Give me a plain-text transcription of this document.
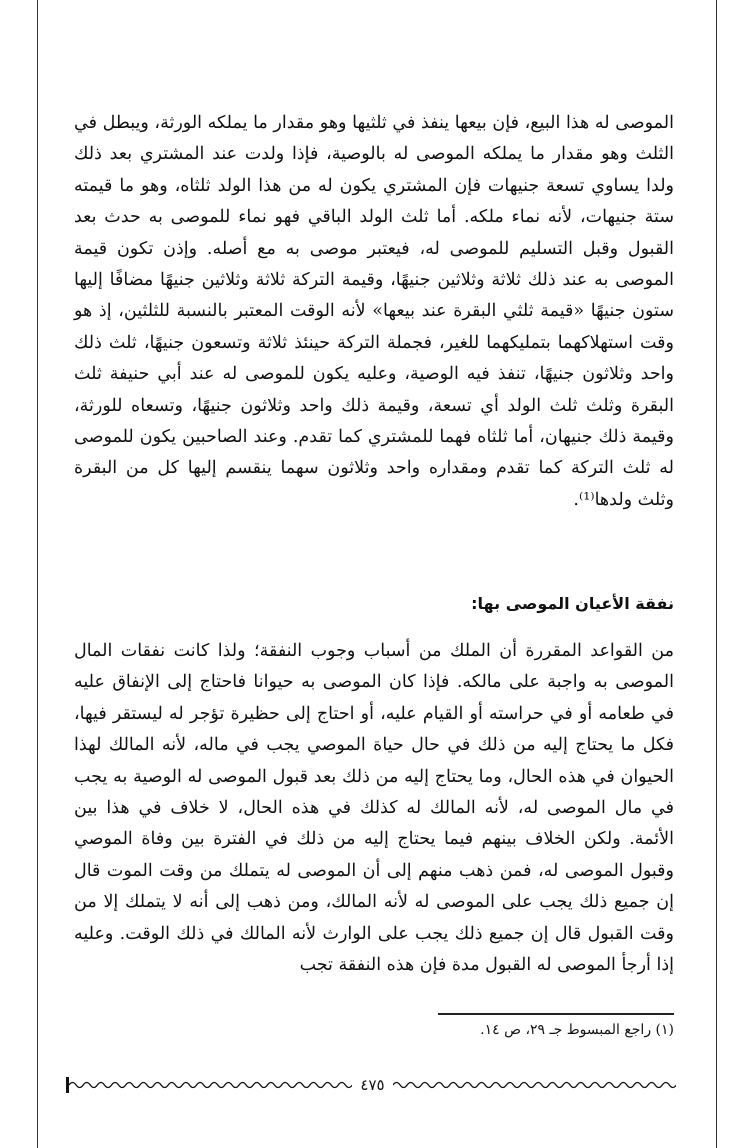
الموصى له هذا البيع، فإن بيعها ينفذ في ثلثيها وهو مقدار ما يملكه الورثة، ويبطل في الثلث وهو مقدار ما يملكه الموصى له بالوصية، فإذا ولدت عند المشتري بعد ذلك ولدا يساوي تسعة جنيهات فإن المشتري يكون له من هذا الولد ثلثاه، وهو ما قيمته ستة جنيهات، لأنه نماء ملكه. أما ثلث الولد الباقي فهو نماء للموصى به حدث بعد القبول وقبل التسليم للموصى له، فيعتبر موصى به مع أصله. وإذن تكون قيمة الموصى به عند ذلك ثلاثة وثلاثين جنيهًا، وقيمة التركة ثلاثة وثلاثين جنيهًا مضافًا إليها ستون جنيهًا «قيمة ثلثي البقرة عند بيعها» لأنه الوقت المعتبر بالنسبة للثلثين، إذ هو وقت استهلاكهما بتمليكهما للغير، فجملة التركة حينئذ ثلاثة وتسعون جنيهًا، ثلث ذلك واحد وثلاثون جنيهًا، تنفذ فيه الوصية، وعليه يكون للموصى له عند أبي حنيفة ثلث البقرة وثلث ثلث الولد أي تسعة، وقيمة ذلك واحد وثلاثون جنيهًا، وتسعاه للورثة، وقيمة ذلك جنيهان، أما ثلثاه فهما للمشتري كما تقدم. وعند الصاحبين يكون للموصى له ثلث التركة كما تقدم ومقداره واحد وثلاثون سهما ينقسم إليها كل من البقرة وثلث ولدها⁽¹⁾.

نفقة الأعيان الموصى بها:

من القواعد المقررة أن الملك من أسباب وجوب النفقة؛ ولذا كانت نفقات المال الموصى به واجبة على مالكه. فإذا كان الموصى به حيوانا فاحتاج إلى الإنفاق عليه في طعامه أو في حراسته أو القيام عليه، أو احتاج إلى حظيرة تؤجر له ليستقر فيها، فكل ما يحتاج إليه من ذلك في حال حياة الموصي يجب في ماله، لأنه المالك لهذا الحيوان في هذه الحال، وما يحتاج إليه من ذلك بعد قبول الموصى له الوصية به يجب في مال الموصى له، لأنه المالك له كذلك في هذه الحال، لا خلاف في هذا بين الأئمة. ولكن الخلاف بينهم فيما يحتاج إليه من ذلك في الفترة بين وفاة الموصي وقبول الموصى له، فمن ذهب منهم إلى أن الموصى له يتملك من وقت الموت قال إن جميع ذلك يجب على الموصى له لأنه المالك، ومن ذهب إلى أنه لا يتملك إلا من وقت القبول قال إن جميع ذلك يجب على الوارث لأنه المالك في ذلك الوقت. وعليه إذا أرجأ الموصى له القبول مدة فإن هذه النفقة تجب

(١) راجع المبسوط جـ ٢٩، ص ١٤.
٤٧٥
